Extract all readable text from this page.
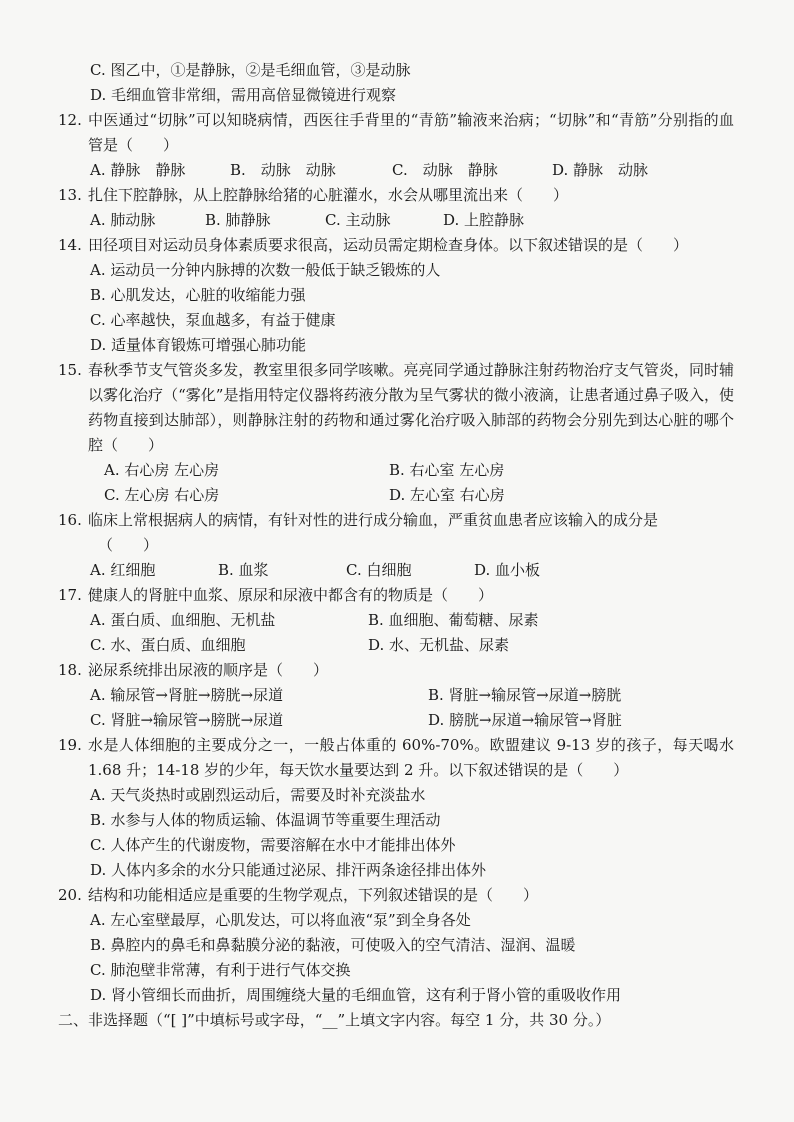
C. 图乙中，①是静脉，②是毛细血管，③是动脉
D. 毛细血管非常细，需用高倍显微镜进行观察
12. 中医通过“切脉”可以知晓病情，西医往手背里的“青筋”输液来治病；“切脉”和“青筋”分别指的血管是（　　）
A. 静脉　静脉	B.　动脉　动脉	C.　动脉　静脉	D. 静脉　动脉
13. 扎住下腔静脉，从上腔静脉给猪的心脏灌水，水会从哪里流出来（　　）
A. 肺动脉	B. 肺静脉	C. 主动脉	D. 上腔静脉
14. 田径项目对运动员身体素质要求很高，运动员需定期检查身体。以下叙述错误的是（　　）
A. 运动员一分钟内脉搏的次数一般低于缺乏锻炼的人
B. 心肌发达，心脏的收缩能力强
C. 心率越快，泵血越多，有益于健康
D. 适量体育锻炼可增强心肺功能
15. 春秋季节支气管炎多发，教室里很多同学咳嗽。亮亮同学通过静脉注射药物治疗支气管炎，同时辅以雾化治疗（“雾化”是指用特定仪器将药液分散为呈气雾状的微小液滴，让患者通过鼻子吸入，使药物直接到达肺部），则静脉注射的药物和通过雾化治疗吸入肺部的药物会分别先到达心脏的哪个腔（　　）
A. 右心房 左心房	B. 右心室 左心房
C. 左心房 右心房	D. 左心室 右心房
16. 临床上常根据病人的病情，有针对性的进行成分输血，严重贫血患者应该输入的成分是
（　　）
A. 红细胞	B. 血浆	C. 白细胞	D. 血小板
17. 健康人的肾脏中血浆、原尿和尿液中都含有的物质是（　　）
A. 蛋白质、血细胞、无机盐	B. 血细胞、葡萄糖、尿素
C. 水、蛋白质、血细胞	D. 水、无机盐、尿素
18. 泌尿系统排出尿液的顺序是（　　）
A. 输尿管→肾脏→膀胱→尿道	B. 肾脏→输尿管→尿道→膀胱
C. 肾脏→输尿管→膀胱→尿道	D. 膀胱→尿道→输尿管→肾脏
19. 水是人体细胞的主要成分之一，一般占体重的 60%-70%。欧盟建议 9-13 岁的孩子，每天喝水 1.68 升；14-18 岁的少年，每天饮水量要达到 2 升。以下叙述错误的是（　　）
A. 天气炎热时或剧烈运动后，需要及时补充淡盐水
B. 水参与人体的物质运输、体温调节等重要生理活动
C. 人体产生的代谢废物，需要溶解在水中才能排出体外
D. 人体内多余的水分只能通过泌尿、排汗两条途径排出体外
20. 结构和功能相适应是重要的生物学观点，下列叙述错误的是（　　）
A. 左心室壁最厚，心肌发达，可以将血液“泵”到全身各处
B. 鼻腔内的鼻毛和鼻黏膜分泌的黏液，可使吸入的空气清洁、湿润、温暖
C. 肺泡壁非常薄，有利于进行气体交换
D. 肾小管细长而曲折，周围缠绕大量的毛细血管，这有利于肾小管的重吸收作用
二、非选择题（“[ ]”中填标号或字母，“__”上填文字内容。每空 1 分，共 30 分。）
